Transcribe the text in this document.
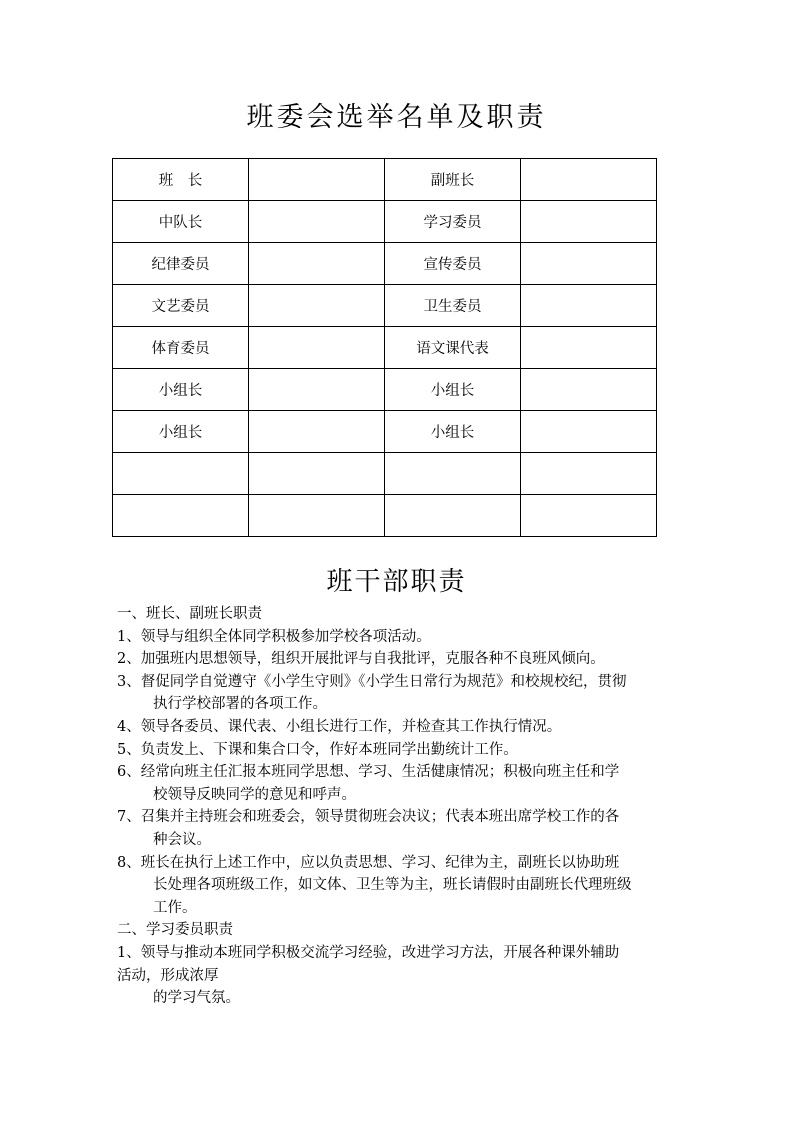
班委会选举名单及职责
班　长		副班长	
中队长		学习委员	
纪律委员		宣传委员	
文艺委员		卫生委员	
体育委员		语文课代表	
小组长		小组长	
小组长		小组长	

班干部职责
一、班长、副班长职责
1、领导与组织全体同学积极参加学校各项活动。
2、加强班内思想领导，组织开展批评与自我批评，克服各种不良班风倾向。
3、督促同学自觉遵守《小学生守则》《小学生日常行为规范》和校规校纪，贯彻
执行学校部署的各项工作。
4、领导各委员、课代表、小组长进行工作，并检查其工作执行情况。
5、负责发上、下课和集合口令，作好本班同学出勤统计工作。
6、经常向班主任汇报本班同学思想、学习、生活健康情况；积极向班主任和学
校领导反映同学的意见和呼声。
7、召集并主持班会和班委会，领导贯彻班会决议；代表本班出席学校工作的各
种会议。
8、班长在执行上述工作中，应以负责思想、学习、纪律为主，副班长以协助班
长处理各项班级工作，如文体、卫生等为主，班长请假时由副班长代理班级
工作。
二、学习委员职责
1、领导与推动本班同学积极交流学习经验，改进学习方法，开展各种课外辅助
活动，形成浓厚
的学习气氛。
